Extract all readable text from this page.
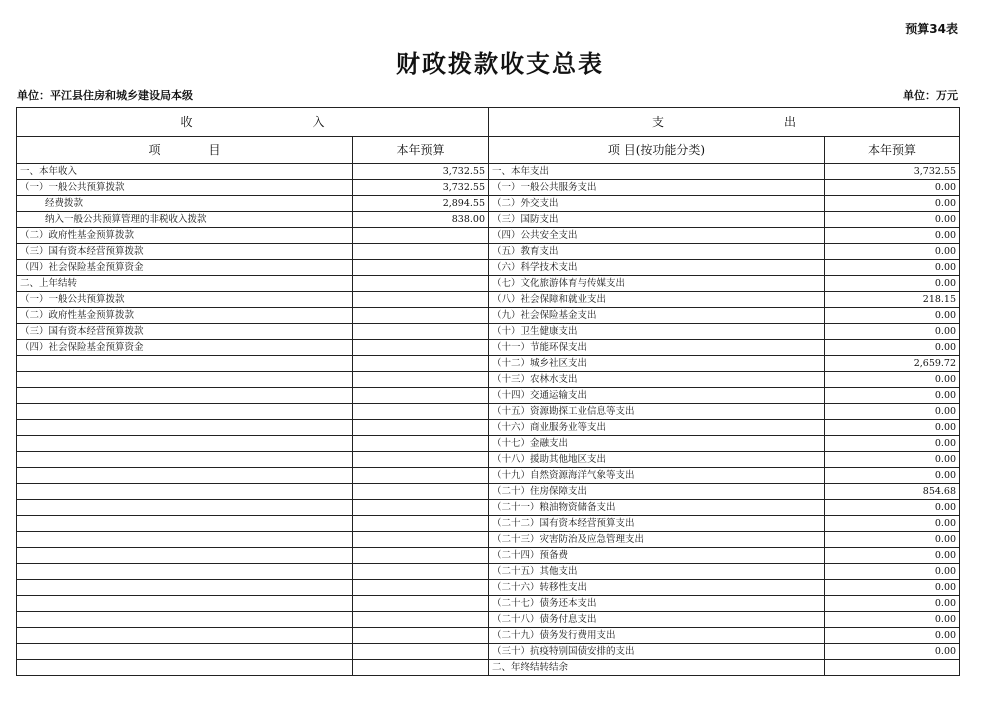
预算34表
财政拨款收支总表
单位：平江县住房和城乡建设局本级	单位：万元
收　　　　　　　　　　入		支　　　　　　　　　　出	
项　　　　目	本年预算	项 目(按功能分类)	本年预算
一、本年收入	3,732.55	一、本年支出	3,732.55
（一）一般公共预算拨款	3,732.55	（一）一般公共服务支出	0.00
经费拨款	2,894.55	（二）外交支出	0.00
纳入一般公共预算管理的非税收入拨款	838.00	（三）国防支出	0.00
（二）政府性基金预算拨款		（四）公共安全支出	0.00
（三）国有资本经营预算拨款		（五）教育支出	0.00
（四）社会保险基金预算资金		（六）科学技术支出	0.00
二、上年结转		（七）文化旅游体育与传媒支出	0.00
（一）一般公共预算拨款		（八）社会保障和就业支出	218.15
（二）政府性基金预算拨款		（九）社会保险基金支出	0.00
（三）国有资本经营预算拨款		（十）卫生健康支出	0.00
（四）社会保险基金预算资金		（十一）节能环保支出	0.00
		（十二）城乡社区支出	2,659.72
		（十三）农林水支出	0.00
		（十四）交通运输支出	0.00
		（十五）资源勘探工业信息等支出	0.00
		（十六）商业服务业等支出	0.00
		（十七）金融支出	0.00
		（十八）援助其他地区支出	0.00
		（十九）自然资源海洋气象等支出	0.00
		（二十）住房保障支出	854.68
		（二十一）粮油物资储备支出	0.00
		（二十二）国有资本经营预算支出	0.00
		（二十三）灾害防治及应急管理支出	0.00
		（二十四）预备费	0.00
		（二十五）其他支出	0.00
		（二十六）转移性支出	0.00
		（二十七）债务还本支出	0.00
		（二十八）债务付息支出	0.00
		（二十九）债务发行费用支出	0.00
		（三十）抗疫特别国债安排的支出	0.00
		二、年终结转结余	
